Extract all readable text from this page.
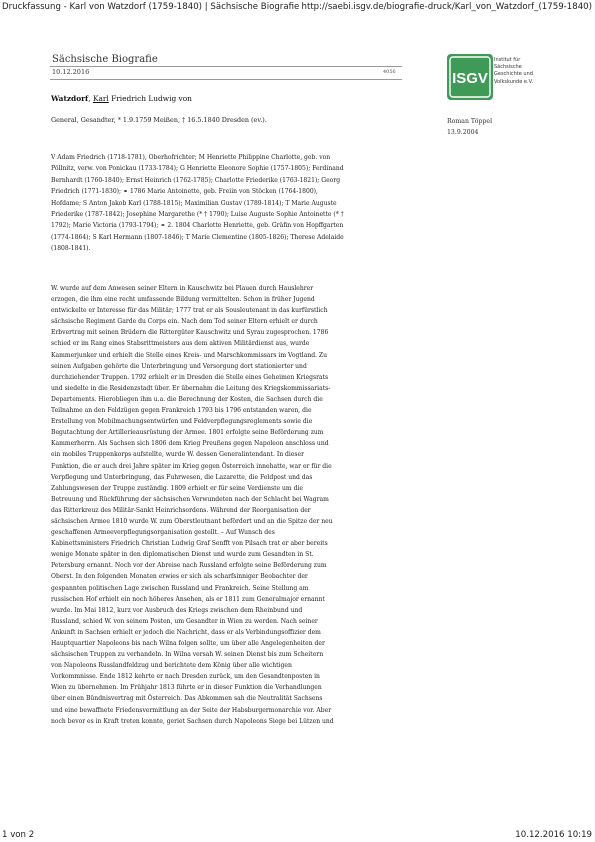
Druckfassung - Karl von Watzdorf (1759-1840) | Sächsische Biografie http://saebi.isgv.de/biografie-druck/Karl_von_Watzdorf_(1759-1840)
Sächsische Biografie
10.12.2016	4056	ISGV
Institut für
Sächsische
Geschichte und
Volkskunde e.V.
Watzdorf, Karl Friedrich Ludwig von
General, Gesandter, * 1.9.1759 Meißen, † 16.5.1840 Dresden (ev.).	Roman Töppel
13.9.2004
V Adam Friedrich (1718-1781), Oberhofrichter; M Henriette Philippine Charlotte, geb. von
Pöllnitz, verw. von Ponickau (1733-1784); G Henriette Eleonore Sophie (1757-1805); Ferdinand
Bernhardt (1760-1840); Ernst Heinrich (1762-1785); Charlotte Friederike (1763-1821); Georg
Friedrich (1771-1830); ⚭ 1786 Marie Antoinette, geb. Freiin von Stöcken (1764-1800),
Hofdame; S Anton Jakob Karl (1788-1815); Maximilian Gustav (1789-1814); T Marie Auguste
Friederike (1787-1842); Josephine Margarethe (* † 1790); Luise Auguste Sophie Antoinette (* †
1792); Marie Victoria (1793-1794); ⚭ 2. 1804 Charlotte Henriette, geb. Gräfin von Hopffgarten
(1774-1864); S Karl Hermann (1807-1846); T Marie Clementine (1805-1826); Therese Adelaide
(1808-1841).
W. wurde auf dem Anwesen seiner Eltern in Kauschwitz bei Plauen durch Hauslehrer
erzogen, die ihm eine recht umfassende Bildung vermittelten. Schon in früher Jugend
entwickelte er Interesse für das Militär; 1777 trat er als Sousleutenant in das kurfürstlich
sächsische Regiment Garde du Corps ein. Nach dem Tod seiner Eltern erhielt er durch
Erbvertrag mit seinen Brüdern die Rittergüter Kauschwitz und Syrau zugesprochen. 1786
schied er im Rang eines Stabsrittmeisters aus dem aktiven Militärdienst aus, wurde
Kammerjunker und erhielt die Stelle eines Kreis- und Marschkommissars im Vogtland. Zu
seinen Aufgaben gehörte die Unterbringung und Versorgung dort stationierter und
durchziehender Truppen. 1792 erhielt er in Dresden die Stelle eines Geheimen Kriegsrats
und siedelte in die Residenzstadt über. Er übernahm die Leitung des Kriegskommissariats-
Departements. Hierobliegen ihm u.a. die Berechnung der Kosten, die Sachsen durch die
Teilnahme an den Feldzügen gegen Frankreich 1793 bis 1796 entstanden waren, die
Erstellung von Mobilmachungsentwürfen und Feldverpflegungsreglements sowie die
Begutachtung der Artilleriеausrüstung der Armee. 1801 erfolgte seine Beförderung zum
Kammerherrn. Als Sachsen sich 1806 dem Krieg Preußens gegen Napoleon anschloss und
ein mobiles Truppenkorps aufstellte, wurde W. dessen Generalintendant. In dieser
Funktion, die er auch drei Jahre später im Krieg gegen Österreich innehatte, war er für die
Verpflegung und Unterbringung, das Fuhrwesen, die Lazarette, die Feldpost und das
Zahlungswesen der Truppe zuständig. 1809 erhielt er für seine Verdienste um die
Betreuung und Rückführung der sächsischen Verwundeten nach der Schlacht bei Wagram
das Ritterkreuz des Militär-Sankt Heinrichsordens. Während der Reorganisation der
sächsischen Armee 1810 wurde W. zum Oberstleutnant befördert und an die Spitze der neu
geschaffenen Armeeverpflegungsorganisation gestellt. – Auf Wunsch des
Kabinettsministers Friedrich Christian Ludwig Graf Senfft von Pilsach trat er aber bereits
wenige Monate später in den diplomatischen Dienst und wurde zum Gesandten in St.
Petersburg ernannt. Noch vor der Abreise nach Russland erfolgte seine Beförderung zum
Oberst. In den folgenden Monaten erwies er sich als scharfsinniger Beobachter der
gespannten politischen Lage zwischen Russland und Frankreich. Seine Stellung am
russischen Hof erhielt ein noch höheres Ansehen, als er 1811 zum Generalmajor ernannt
wurde. Im Mai 1812, kurz vor Ausbruch des Kriegs zwischen dem Rheinbund und
Russland, schied W. von seinem Posten, um Gesandter in Wien zu werden. Nach seiner
Ankunft in Sachsen erhielt er jedoch die Nachricht, dass er als Verbindungsoffizier dem
Hauptquartier Napoleons bis nach Wilna folgen sollte, um über alle Angelegenheiten der
sächsischen Truppen zu verhandeln. In Wilna versah W. seinen Dienst bis zum Scheitern
von Napoleons Russlandfeldzug und berichtete dem König über alle wichtigen
Vorkommnisse. Ende 1812 kehrte er nach Dresden zurück, um den Gesandtenposten in
Wien zu übernehmen. Im Frühjahr 1813 führte er in dieser Funktion die Verhandlungen
über einen Bündnisvertrag mit Österreich. Das Abkommen sah die Neutralität Sachsens
und eine bewaffnete Friedensvermittlung an der Seite der Habsburgermonarchie vor. Aber
noch bevor es in Kraft treten konnte, geriet Sachsen durch Napoleons Siege bei Lützen und
1 von 2	10.12.2016 10:19
